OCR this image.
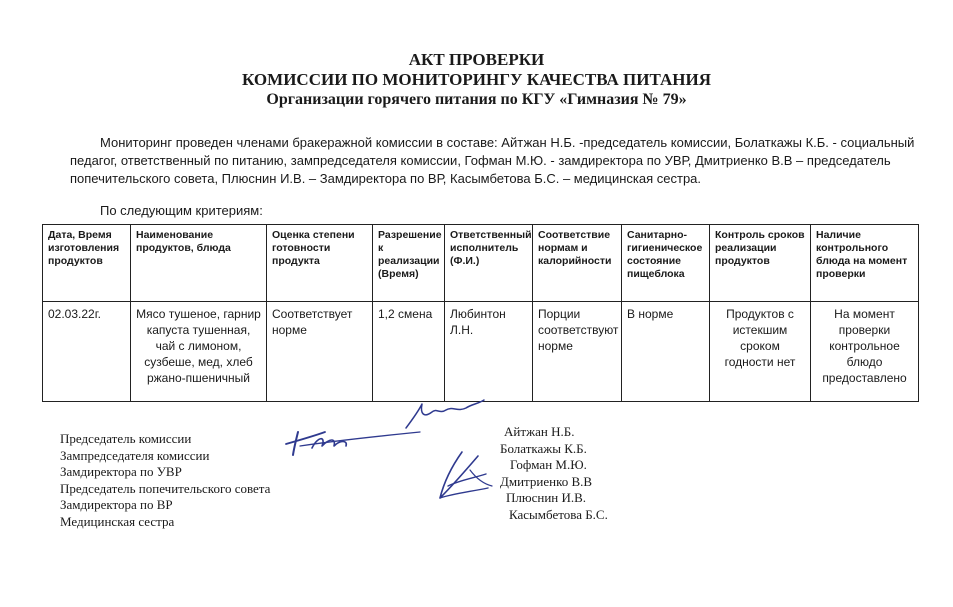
АКТ ПРОВЕРКИ
КОМИССИИ ПО МОНИТОРИНГУ КАЧЕСТВА ПИТАНИЯ
Организации горячего питания по КГУ «Гимназия № 79»
Мониторинг проведен членами бракеражной комиссии в составе: Айтжан Н.Б. -председатель комиссии, Болаткажы К.Б. - социальный педагог, ответственный по питанию, зампредседателя комиссии, Гофман М.Ю. - замдиректора по УВР, Дмитриенко В.В – председатель попечительского совета, Плюснин И.В. – Замдиректора по ВР, Касымбетова Б.С. – медицинская сестра.
По следующим критериям:
Дата, Время изготовления продуктов	Наименование продуктов, блюда	Оценка степени готовности продукта	Разрешение к реализации (Время)	Ответственный исполнитель (Ф.И.)	Соответствие нормам и калорийности	Санитарно-гигиеническое состояние пищеблока	Контроль сроков реализации продуктов	Наличие контрольного блюда на момент проверки
02.03.22г.	Мясо тушеное, гарнир капуста тушенная, чай с лимоном, сузбеше, мед, хлеб ржано-пшеничный	Соответствует норме	1,2 смена	Любинтон Л.Н.	Порции соответствуют норме	В норме	Продуктов с истекшим сроком годности нет	На момент проверки контрольное блюдо предоставлено
Председатель комиссии
Зампредседателя комиссии
Замдиректора по УВР
Председатель попечительского совета
Замдиректора по ВР
Медицинская сестра
Айтжан Н.Б.
Болаткажы К.Б.
Гофман М.Ю.
Дмитриенко В.В
Плюснин И.В.
Касымбетова Б.С.
